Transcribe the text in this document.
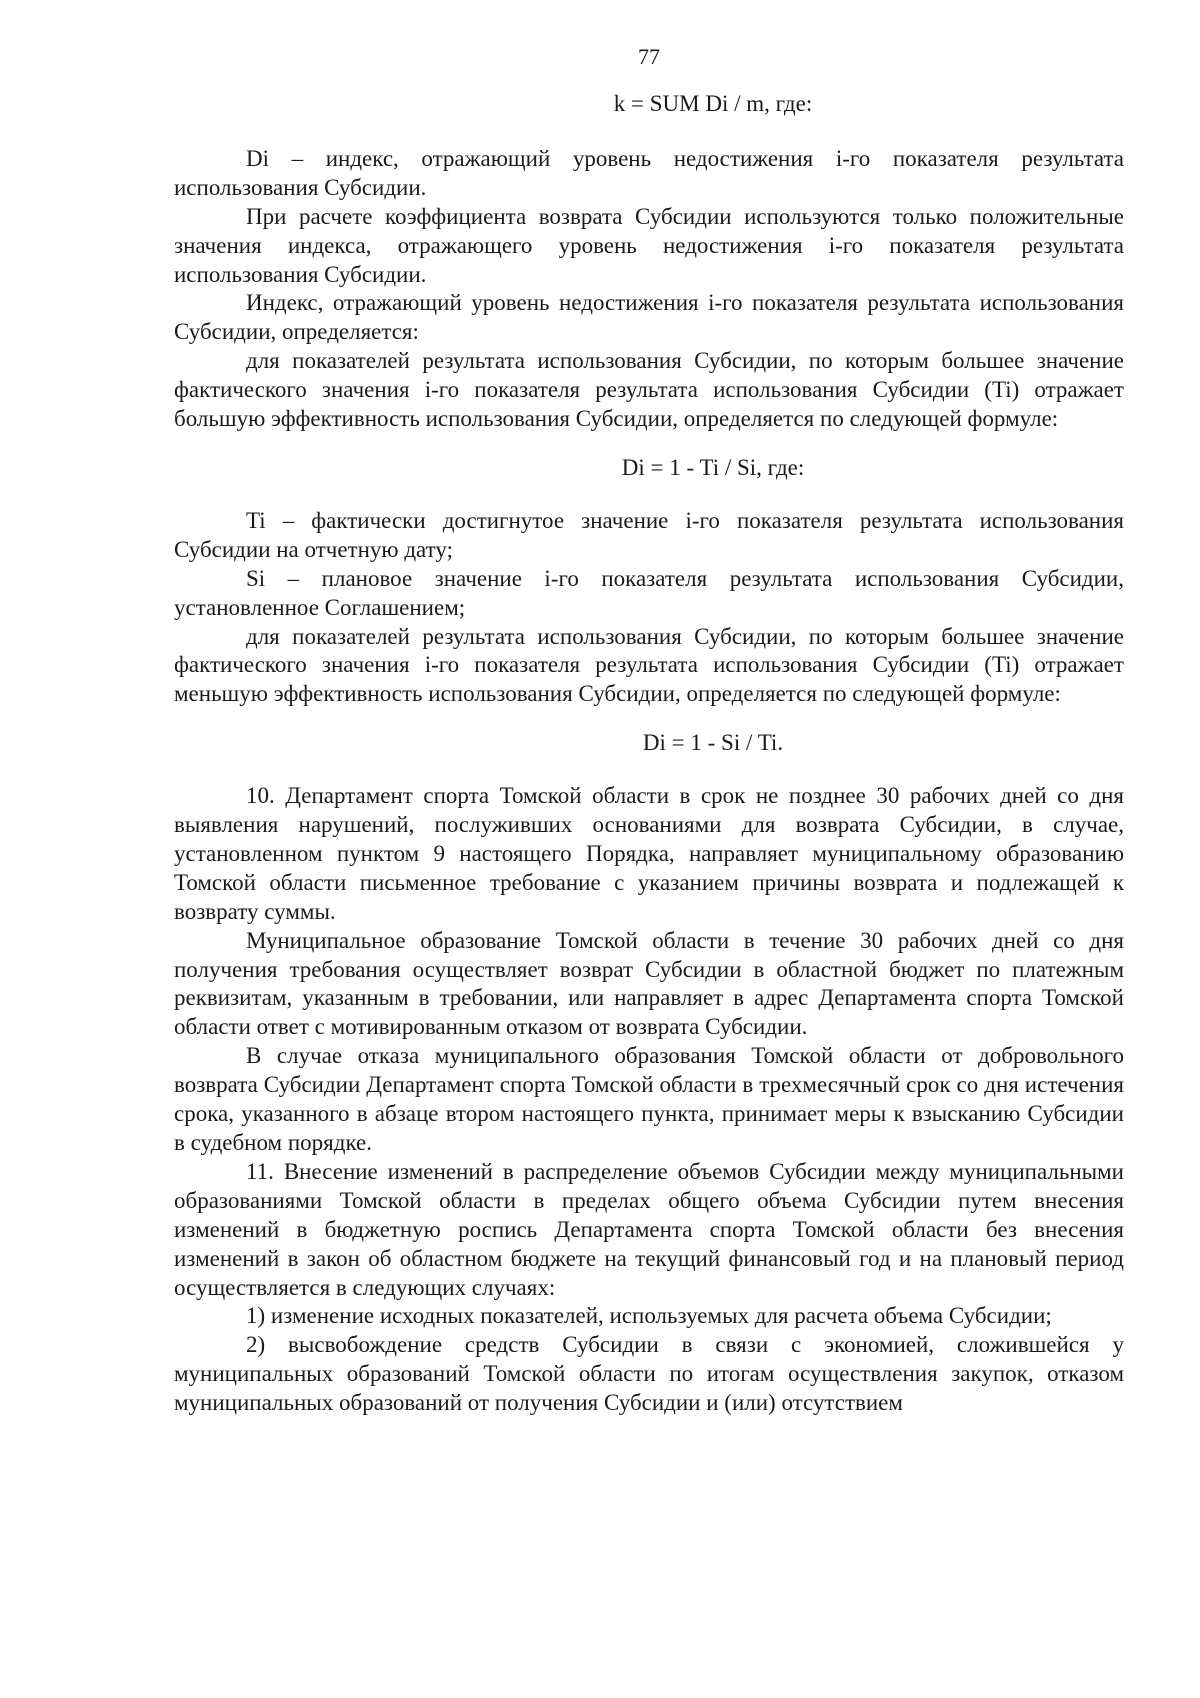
77

k = SUM Di / m, где:

Di – индекс, отражающий уровень недостижения i-го показателя результата использования Субсидии.

При расчете коэффициента возврата Субсидии используются только положительные значения индекса, отражающего уровень недостижения i-го показателя результата использования Субсидии.

Индекс, отражающий уровень недостижения i-го показателя результата использования Субсидии, определяется:

для показателей результата использования Субсидии, по которым большее значение фактического значения i-го показателя результата использования Субсидии (Ti) отражает большую эффективность использования Субсидии, определяется по следующей формуле:

Di = 1 - Ti / Si, где:

Ti – фактически достигнутое значение i-го показателя результата использования Субсидии на отчетную дату;

Si – плановое значение i-го показателя результата использования Субсидии, установленное Соглашением;

для показателей результата использования Субсидии, по которым большее значение фактического значения i-го показателя результата использования Субсидии (Ti) отражает меньшую эффективность использования Субсидии, определяется по следующей формуле:

Di = 1 - Si / Ti.

10. Департамент спорта Томской области в срок не позднее 30 рабочих дней со дня выявления нарушений, послуживших основаниями для возврата Субсидии, в случае, установленном пунктом 9 настоящего Порядка, направляет муниципальному образованию Томской области письменное требование с указанием причины возврата и подлежащей к возврату суммы.

Муниципальное образование Томской области в течение 30 рабочих дней со дня получения требования осуществляет возврат Субсидии в областной бюджет по платежным реквизитам, указанным в требовании, или направляет в адрес Департамента спорта Томской области ответ с мотивированным отказом от возврата Субсидии.

В случае отказа муниципального образования Томской области от добровольного возврата Субсидии Департамент спорта Томской области в трехмесячный срок со дня истечения срока, указанного в абзаце втором настоящего пункта, принимает меры к взысканию Субсидии в судебном порядке.

11. Внесение изменений в распределение объемов Субсидии между муниципальными образованиями Томской области в пределах общего объема Субсидии путем внесения изменений в бюджетную роспись Департамента спорта Томской области без внесения изменений в закон об областном бюджете на текущий финансовый год и на плановый период осуществляется в следующих случаях:

1) изменение исходных показателей, используемых для расчета объема Субсидии;

2) высвобождение средств Субсидии в связи с экономией, сложившейся у муниципальных образований Томской области по итогам осуществления закупок, отказом муниципальных образований от получения Субсидии и (или) отсутствием
